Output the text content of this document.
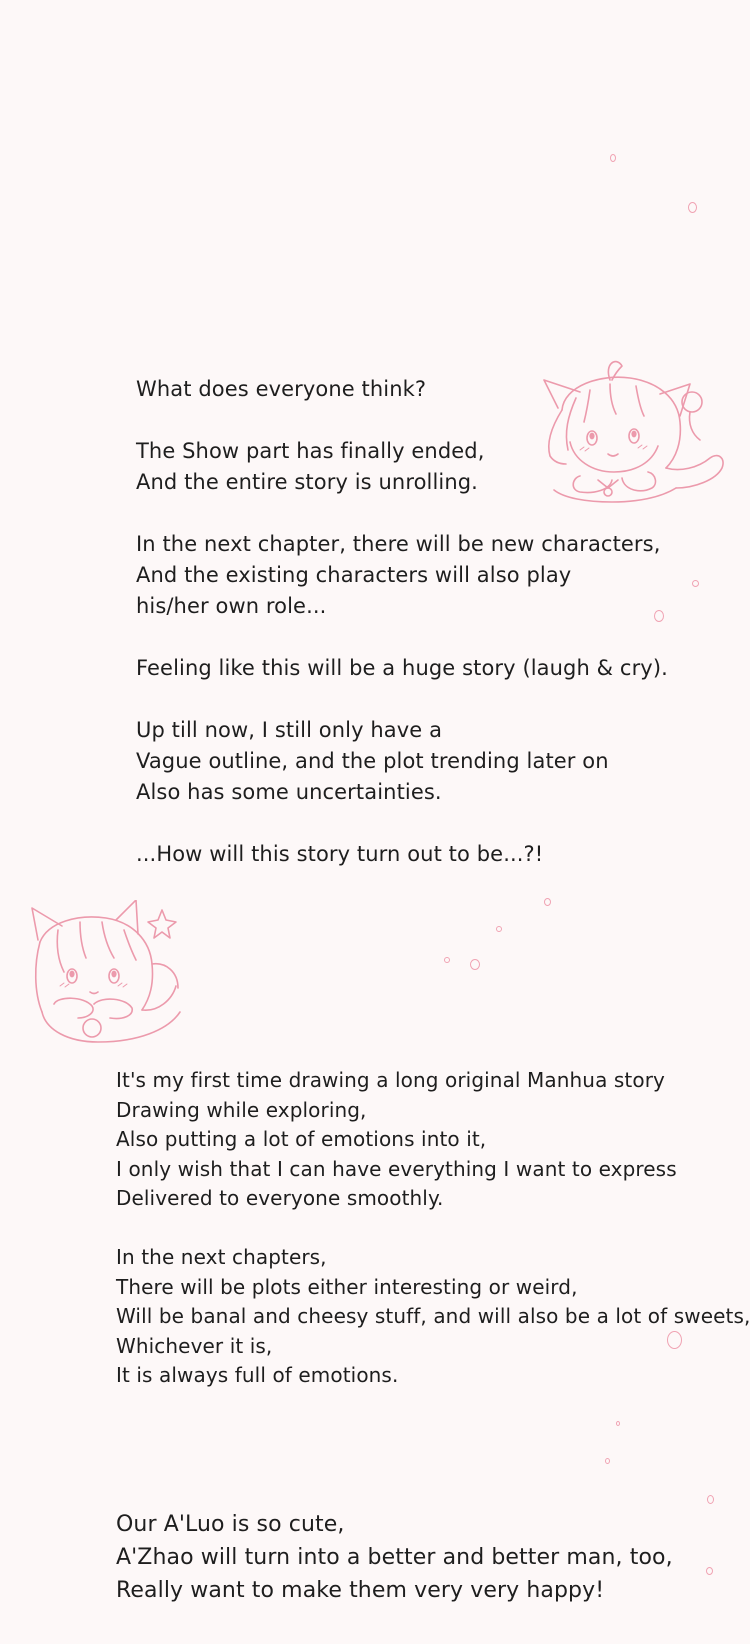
What does everyone think?
The Show part has finally ended,
And the entire story is unrolling.
In the next chapter, there will be new characters,
And the existing characters will also play
his/her own role...
Feeling like this will be a huge story (laugh & cry).
Up till now, I still only have a
Vague outline, and the plot trending later on
Also has some uncertainties.
...How will this story turn out to be...?!
It's my first time drawing a long original Manhua story
Drawing while exploring,
Also putting a lot of emotions into it,
I only wish that I can have everything I want to express
Delivered to everyone smoothly.
In the next chapters,
There will be plots either interesting or weird,
Will be banal and cheesy stuff, and will also be a lot of sweets,
Whichever it is,
It is always full of emotions.
Our A'Luo is so cute,
A'Zhao will turn into a better and better man, too,
Really want to make them very very happy!
